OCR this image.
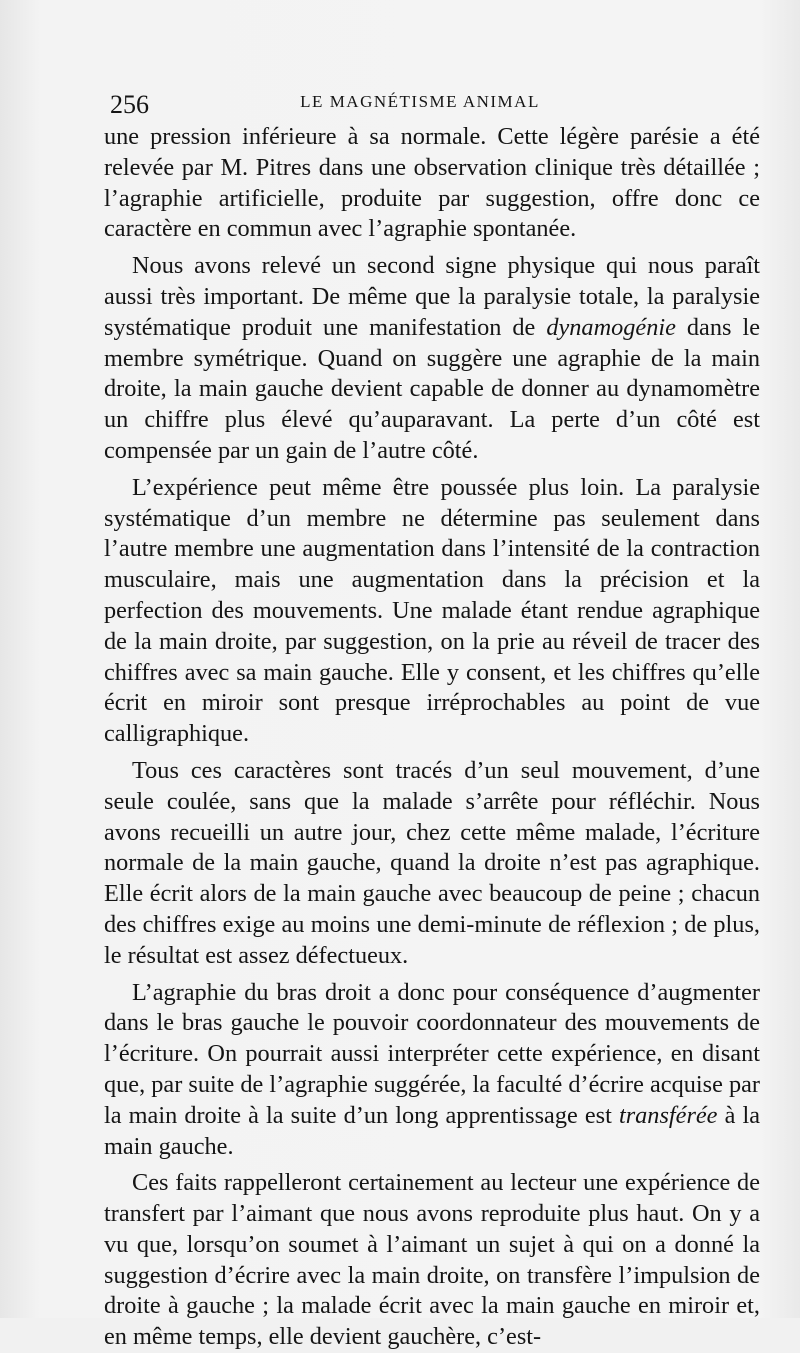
256	LE MAGNÉTISME ANIMAL

une pression inférieure à sa normale. Cette légère parésie a été relevée par M. Pitres dans une observation clinique très détaillée ; l’agraphie artificielle, produite par suggestion, offre donc ce caractère en commun avec l’agraphie spontanée.

Nous avons relevé un second signe physique qui nous paraît aussi très important. De même que la paralysie totale, la paralysie systématique produit une manifestation de dynamogénie dans le membre symétrique. Quand on suggère une agraphie de la main droite, la main gauche devient capable de donner au dynamomètre un chiffre plus élevé qu’auparavant. La perte d’un côté est compensée par un gain de l’autre côté.

L’expérience peut même être poussée plus loin. La paralysie systématique d’un membre ne détermine pas seulement dans l’autre membre une augmentation dans l’intensité de la contraction musculaire, mais une augmentation dans la précision et la perfection des mouvements. Une malade étant rendue agraphique de la main droite, par suggestion, on la prie au réveil de tracer des chiffres avec sa main gauche. Elle y consent, et les chiffres qu’elle écrit en miroir sont presque irréprochables au point de vue calligraphique.

Tous ces caractères sont tracés d’un seul mouvement, d’une seule coulée, sans que la malade s’arrête pour réfléchir. Nous avons recueilli un autre jour, chez cette même malade, l’écriture normale de la main gauche, quand la droite n’est pas agraphique. Elle écrit alors de la main gauche avec beaucoup de peine ; chacun des chiffres exige au moins une demi-minute de réflexion ; de plus, le résultat est assez défectueux.

L’agraphie du bras droit a donc pour conséquence d’augmenter dans le bras gauche le pouvoir coordonnateur des mouvements de l’écriture. On pourrait aussi interpréter cette expérience, en disant que, par suite de l’agraphie suggérée, la faculté d’écrire acquise par la main droite à la suite d’un long apprentissage est transférée à la main gauche.

Ces faits rappelleront certainement au lecteur une expérience de transfert par l’aimant que nous avons reproduite plus haut. On y a vu que, lorsqu’on soumet à l’aimant un sujet à qui on a donné la suggestion d’écrire avec la main droite, on transfère l’impulsion de droite à gauche ; la malade écrit avec la main gauche en miroir et, en même temps, elle devient gauchère, c’est-
